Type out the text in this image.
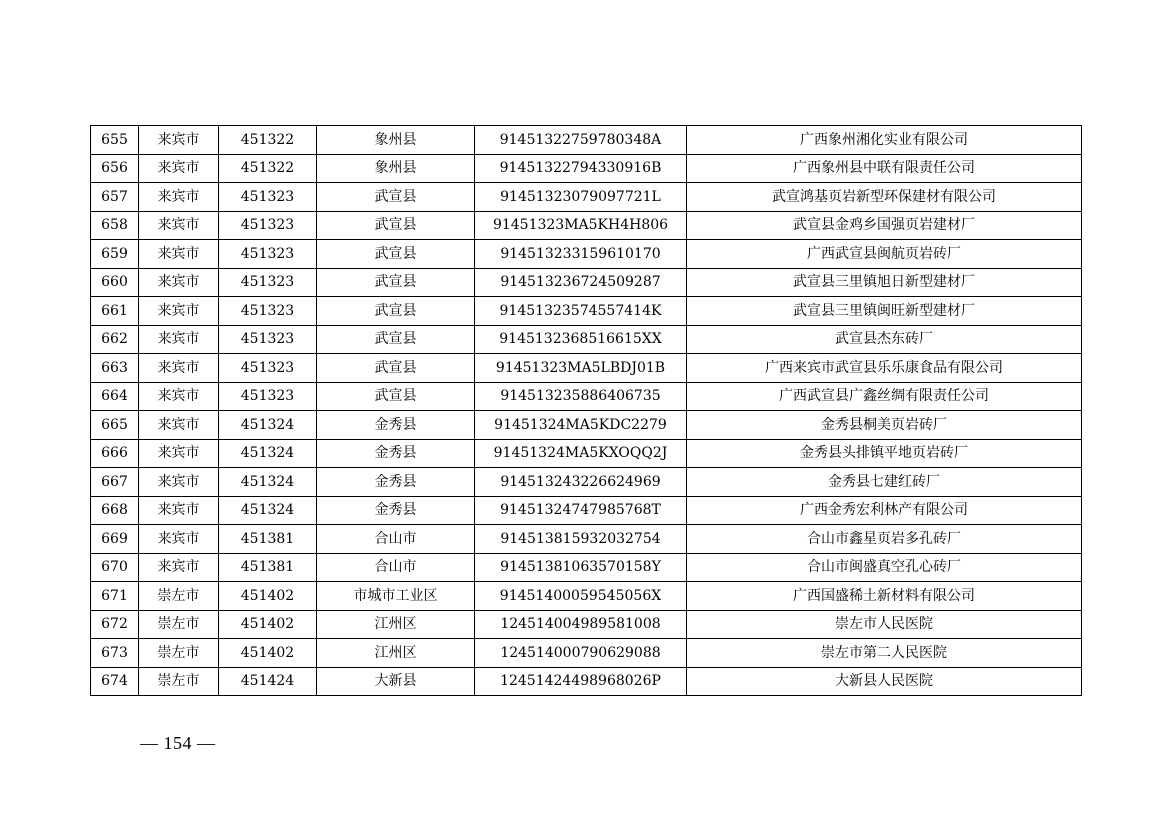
655	来宾市	451322	象州县	91451322759780348A	广西象州湘化实业有限公司
656	来宾市	451322	象州县	91451322794330916B	广西象州县中联有限责任公司
657	来宾市	451323	武宣县	91451323079097721L	武宣鸿基页岩新型环保建材有限公司
658	来宾市	451323	武宣县	91451323MA5KH4H806	武宣县金鸡乡国强页岩建材厂
659	来宾市	451323	武宣县	914513233159610170	广西武宣县闽航页岩砖厂
660	来宾市	451323	武宣县	914513236724509287	武宣县三里镇旭日新型建材厂
661	来宾市	451323	武宣县	91451323574557414K	武宣县三里镇闽旺新型建材厂
662	来宾市	451323	武宣县	9145132368516615XX	武宣县杰东砖厂
663	来宾市	451323	武宣县	91451323MA5LBDJ01B	广西来宾市武宣县乐乐康食品有限公司
664	来宾市	451323	武宣县	914513235886406735	广西武宣县广鑫丝绸有限责任公司
665	来宾市	451324	金秀县	91451324MA5KDC2279	金秀县桐美页岩砖厂
666	来宾市	451324	金秀县	91451324MA5KXOQQ2J	金秀县头排镇平地页岩砖厂
667	来宾市	451324	金秀县	914513243226624969	金秀县七建红砖厂
668	来宾市	451324	金秀县	91451324747985768T	广西金秀宏利林产有限公司
669	来宾市	451381	合山市	914513815932032754	合山市鑫星页岩多孔砖厂
670	来宾市	451381	合山市	91451381063570158Y	合山市闽盛真空孔心砖厂
671	崇左市	451402	市城市工业区	91451400059545056X	广西国盛稀土新材料有限公司
672	崇左市	451402	江州区	124514004989581008	崇左市人民医院
673	崇左市	451402	江州区	124514000790629088	崇左市第二人民医院
674	崇左市	451424	大新县	12451424498968026P	大新县人民医院
— 154 —
